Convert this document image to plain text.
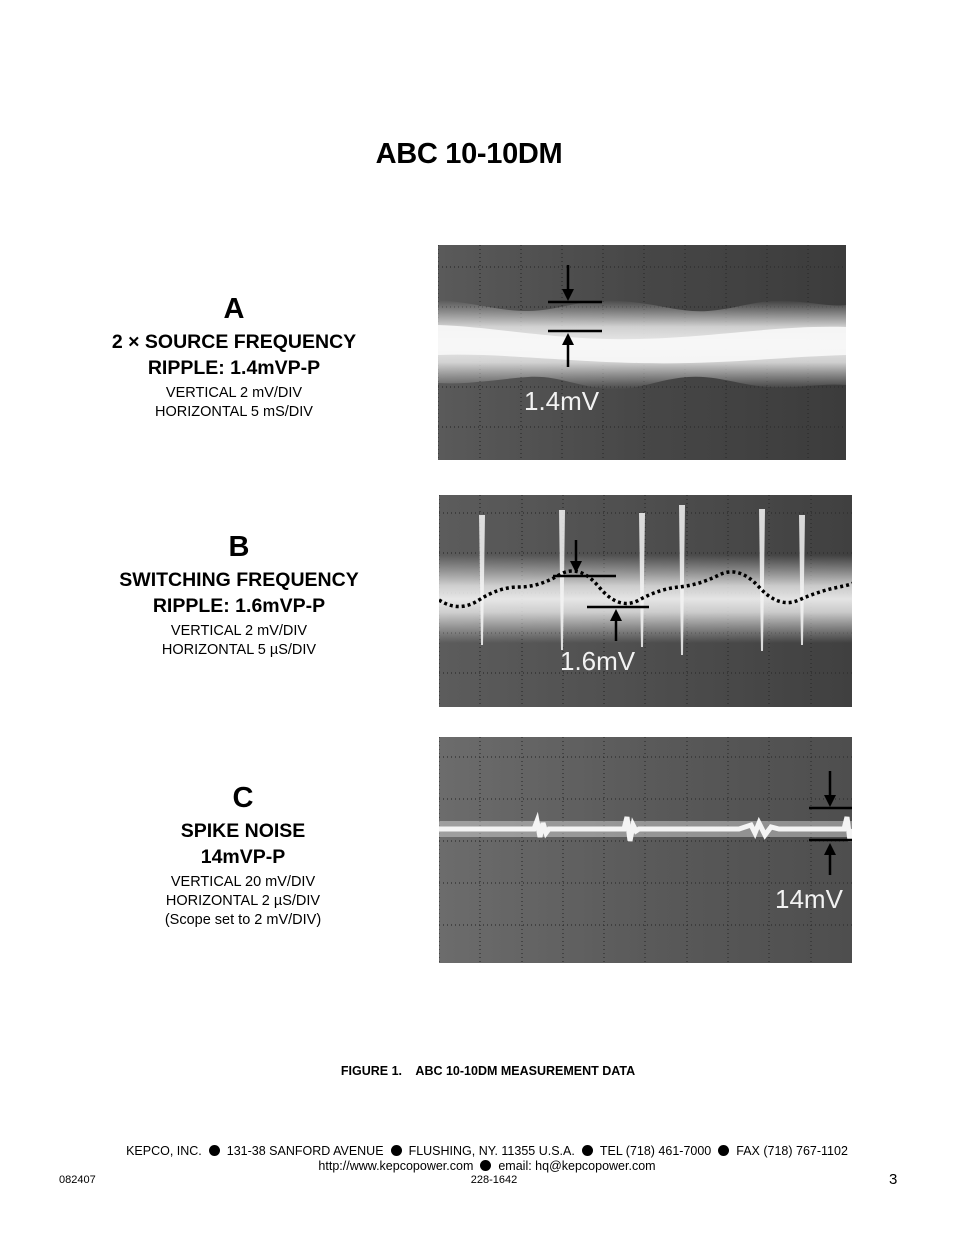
ABC 10-10DM
A
2 × SOURCE FREQUENCY
RIPPLE: 1.4mVP-P
VERTICAL 2 mV/DIV
HORIZONTAL 5 mS/DIV	1.4mV
B
SWITCHING FREQUENCY
RIPPLE: 1.6mVP-P
VERTICAL 2 mV/DIV
HORIZONTAL 5 µS/DIV	1.6mV
C
SPIKE NOISE
14mVP-P
VERTICAL 20 mV/DIV
HORIZONTAL 2 µS/DIV
(Scope set to 2 mV/DIV)
14mV
FIGURE 1.    ABC 10-10DM MEASUREMENT DATA
KEPCO, INC. 131-38 SANFORD AVENUE FLUSHING, NY. 11355 U.S.A. TEL (718) 461-7000 FAX (718) 767-1102
http://www.kepcopower.com email: hq@kepcopower.com
082407	228-1642	3
